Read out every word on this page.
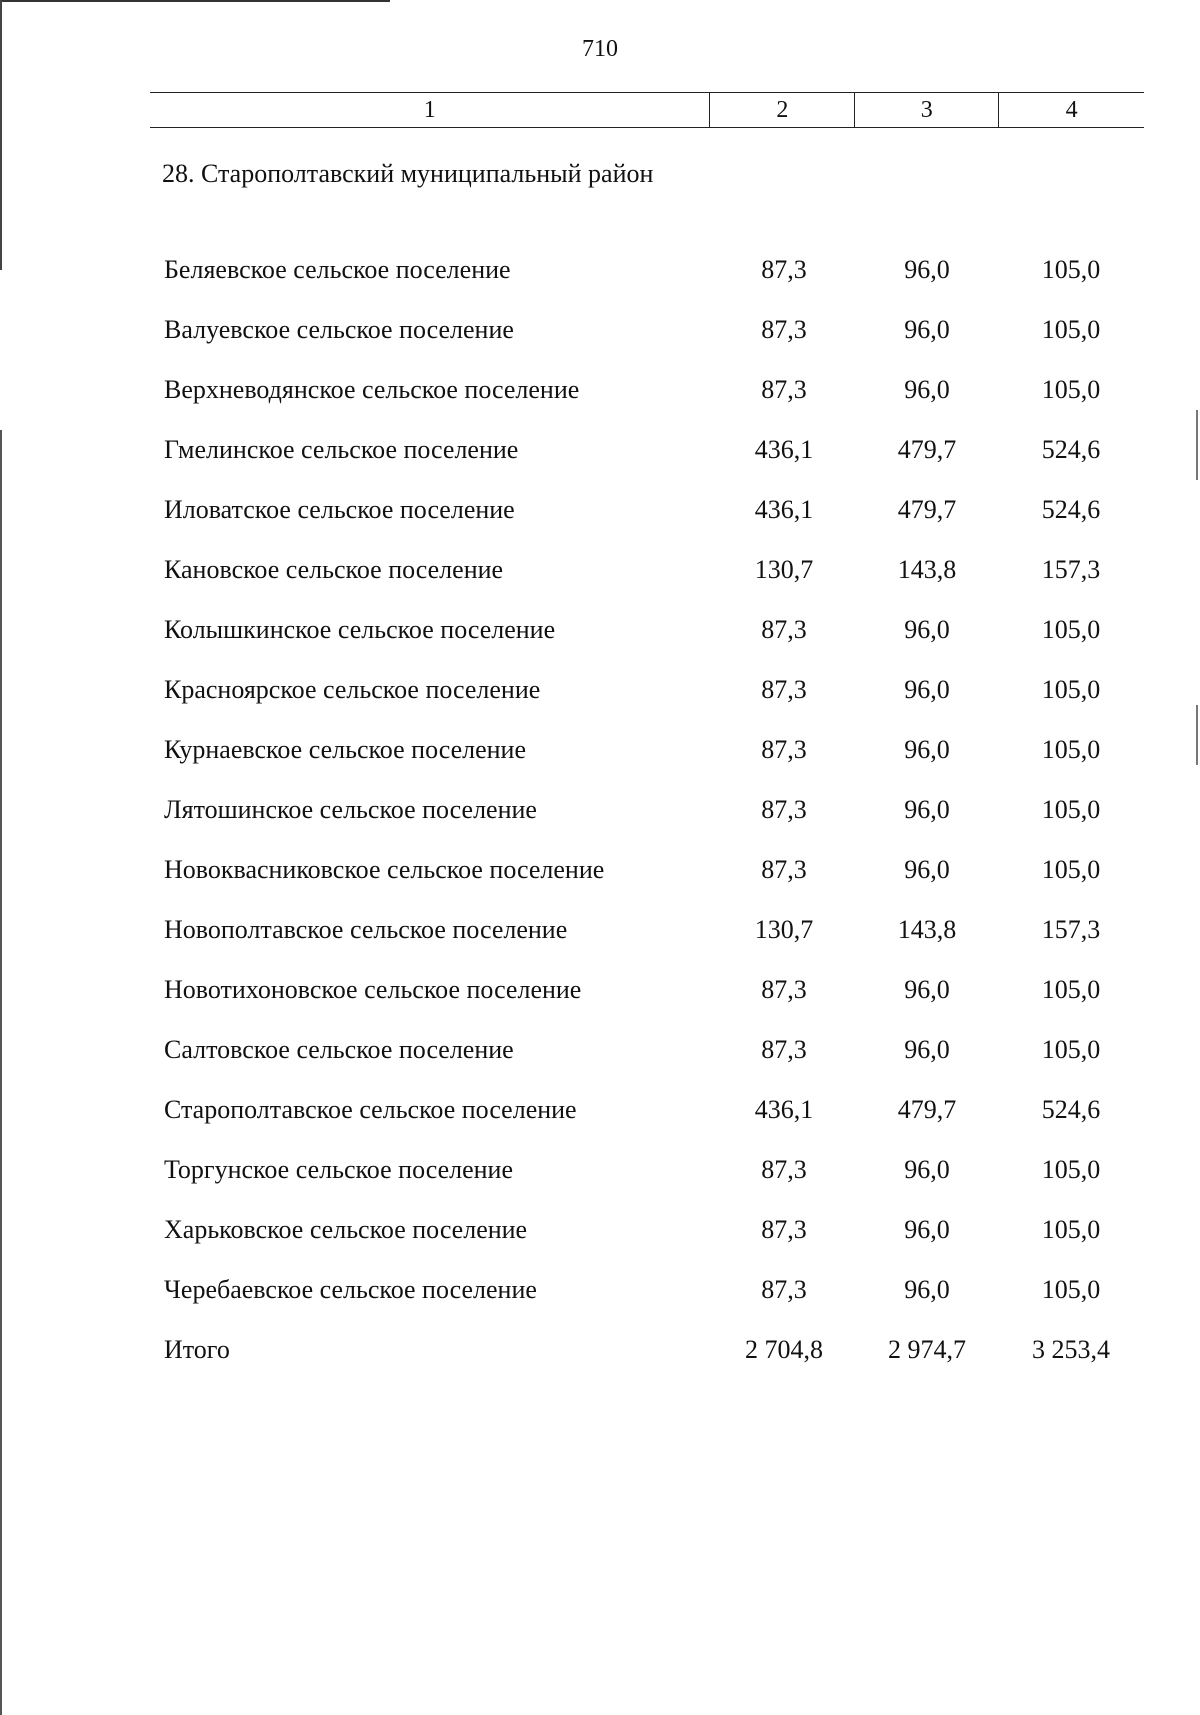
710
1	2	3	4
28. Старополтавский муниципальный район
Беляевское сельское поселение	87,3	96,0	105,0
Валуевское сельское поселение	87,3	96,0	105,0
Верхневодянское сельское поселение	87,3	96,0	105,0
Гмелинское сельское поселение	436,1	479,7	524,6
Иловатское сельское поселение	436,1	479,7	524,6
Кановское сельское поселение	130,7	143,8	157,3
Колышкинское сельское поселение	87,3	96,0	105,0
Красноярское сельское поселение	87,3	96,0	105,0
Курнаевское сельское поселение	87,3	96,0	105,0
Лятошинское сельское поселение	87,3	96,0	105,0
Новоквасниковское сельское поселение	87,3	96,0	105,0
Новополтавское сельское поселение	130,7	143,8	157,3
Новотихоновское сельское поселение	87,3	96,0	105,0
Салтовское сельское поселение	87,3	96,0	105,0
Старополтавское сельское поселение	436,1	479,7	524,6
Торгунское сельское поселение	87,3	96,0	105,0
Харьковское сельское поселение	87,3	96,0	105,0
Черебаевское сельское поселение	87,3	96,0	105,0
Итого	2 704,8	2 974,7	3 253,4
